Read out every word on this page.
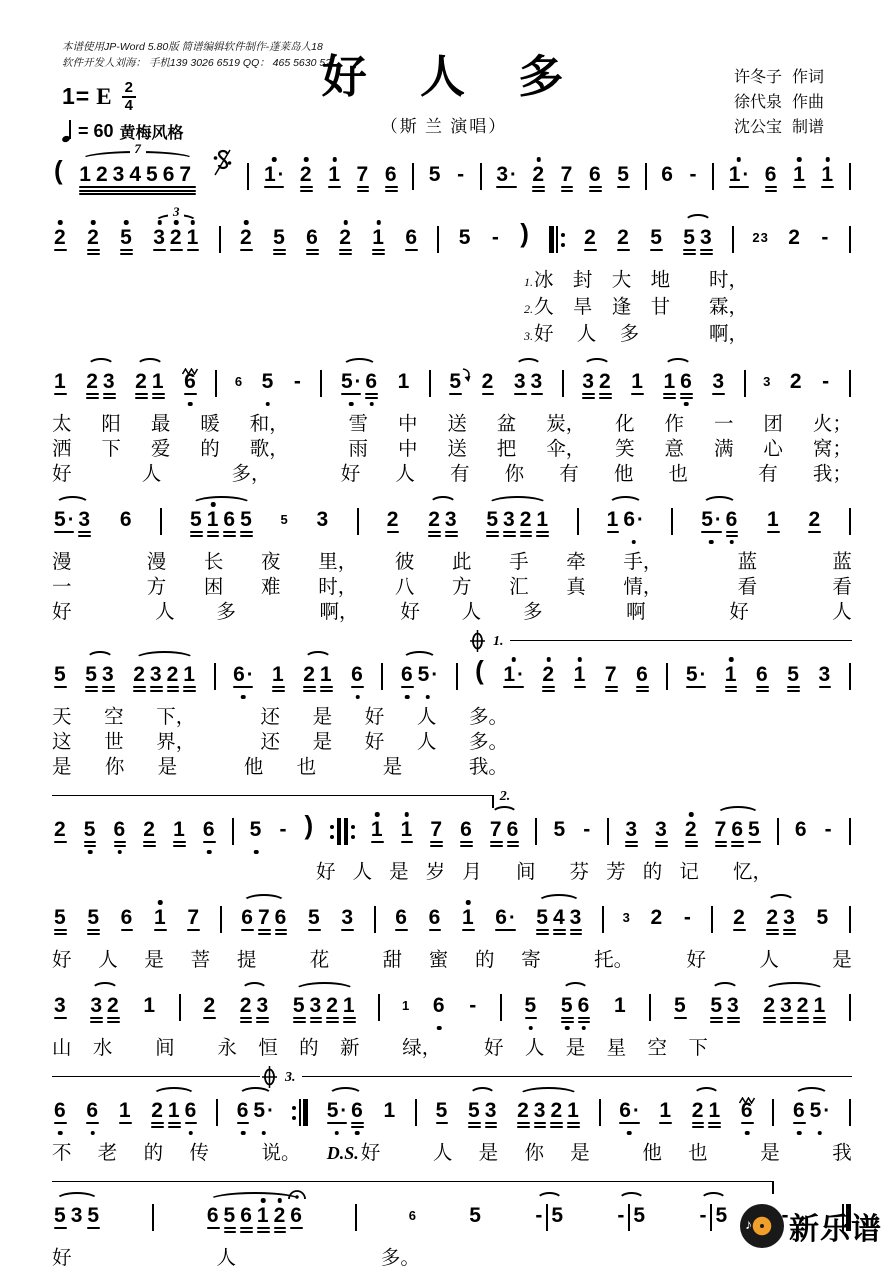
本谱使用JP-Word 5.80版 简谱编辑软件制作-蓬莱岛人18
软件开发人刘海： 手机139 3026 6519 QQ： 465 5630 52
1= E $\frac{2}{4}$
= 60 黄梅风格
好 人 多
（斯 兰 演唱）
许冬子 作词
徐代泉 作曲
沈公宝 制谱
(
7
1234567	1· 2 1 7 6 5 - 3· 2 7 6 5 6 - 1· 6 1 1
2 2 5
3
3 2 1 2 5 6 2 1 6 5 - )	2 2 5 5 3	23 2 -
1.冰 封 大 地 时，
2.久 旱 逢 甘 霖，
3.好 人 多	啊，
1 2 3 2 1 6	6 5 - 5· 6 1 5 2 3 3 3 2 1 1 6 3	3 2 -
太 阳 最 暖 和，	雪 中 送 盆 炭， 化 作 一 团 火；
洒 下 爱 的 歌，	雨 中 送 把 伞， 笑 意 满 心 窝；
好	人	多，	好 人 有 你 有 他 也	有 我；
5· 3 6	5 1 6 5 5 3	2 2 3 5 3 2 1	1 6·	5· 6 1 2
漫	漫 长 夜 里， 彼 此 手 牵 手，	蓝	蓝
一	方 困 难 时， 八 方 汇 真 情，	看	看
好	人 多	啊， 好 人 多	啊	好	人
1.
5 5 3 2 3 2 1 6· 1 2 1 6 6 5· ( 1· 2 1 7 6 5· 1 6 5 3
天 空 下，	还 是 好 人 多。
这 世 界，	还 是 好 人 多。
是 你 是	他 也	是	我。
2.
2 5 6 2 1 6 5 - )	1 1 7 6 7 6 5 - 3 3 2 7 6 5 6 -
好 人 是 岁 月 间 芬 芳 的 记 忆，
5 5 6 1 7 6 7 6 5 3 6 6 1 6· 5 4 3	3 2 - 2 2 3 5
好 人 是 菩 提	花	甜 蜜 的 寄	托。	好	人	是
3 3 2 1 2 2 3 5 3 2 1	1 6 - 5 5 6 1 5 5 3 2 3 2 1
山 水 间 永 恒 的 新 绿， 好 人 是 星 空 下
3.
6 6 1 2 1 6 6 5·	5· 6 1 5 5 3 2 3 2 1 6· 1 2 1 6 6 5·
不 老 的 传	说。 D.S. 好	人 是 你 是	他 也	是	我
5 3 5	6 5 6 1 2 6	6 5	- 5	- 5	- 5	-
好	人	多。
♪
新乐谱
